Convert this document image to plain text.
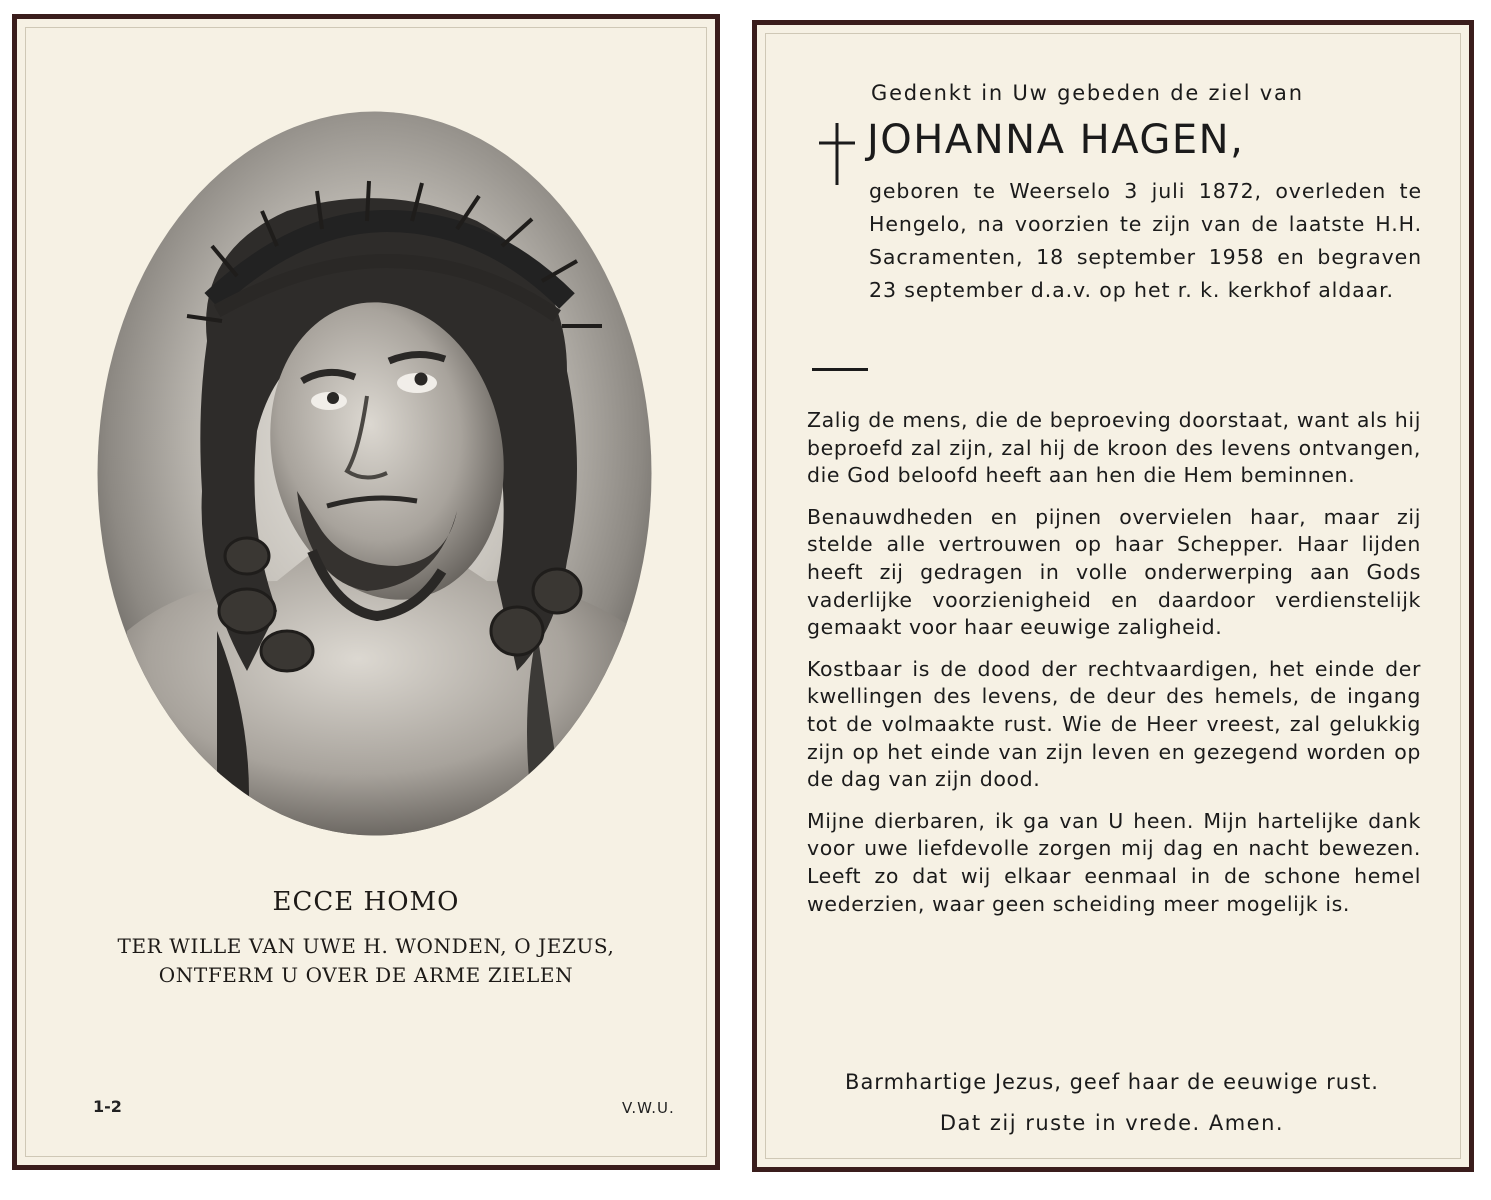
ECCE HOMO
TER WILLE VAN UWE H. WONDEN, O JEZUS,
ONTFERM U OVER DE ARME ZIELEN
1-2	V.W.U.
Gedenkt in Uw gebeden de ziel van
JOHANNA HAGEN,
geboren te Weerselo 3 juli 1872, overleden te Hengelo, na voorzien te zijn van de laatste H.H. Sacramenten, 18 september 1958 en begraven 23 september d.a.v. op het r. k. kerkhof aldaar.

Zalig de mens, die de beproeving doorstaat, want als hij beproefd zal zijn, zal hij de kroon des levens ontvangen, die God beloofd heeft aan hen die Hem beminnen.

Benauwdheden en pijnen overvielen haar, maar zij stelde alle vertrouwen op haar Schepper. Haar lijden heeft zij gedragen in volle onderwerping aan Gods vaderlijke voorzienigheid en daardoor verdienstelijk gemaakt voor haar eeuwige zaligheid.

Kostbaar is de dood der rechtvaardigen, het einde der kwellingen des levens, de deur des hemels, de ingang tot de volmaakte rust. Wie de Heer vreest, zal gelukkig zijn op het einde van zijn leven en gezegend worden op de dag van zijn dood.

Mijne dierbaren, ik ga van U heen. Mijn hartelijke dank voor uwe liefdevolle zorgen mij dag en nacht bewezen. Leeft zo dat wij elkaar eenmaal in de schone hemel wederzien, waar geen scheiding meer mogelijk is.

Barmhartige Jezus, geef haar de eeuwige rust.
Dat zij ruste in vrede. Amen.
